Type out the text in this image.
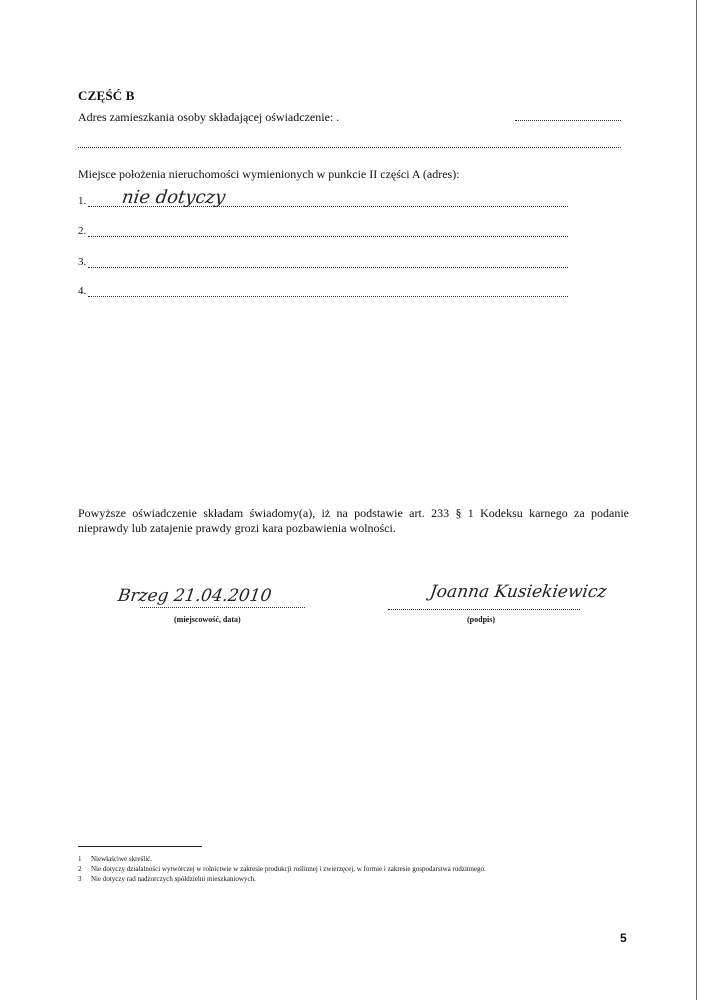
CZĘŚĆ B
Adres zamieszkania osoby składającej oświadczenie: .
Miejsce położenia nieruchomości wymienionych w punkcie II części A (adres):
1. nie dotyczy
2.
3.
4.
Powyższe oświadczenie składam świadomy(a), iż na podstawie art. 233 § 1 Kodeksu karnego za podanie nieprawdy lub zatajenie prawdy grozi kara pozbawienia wolności.
Brzeg 21.04.2010
(miejscowość, data)
Joanna Kusiekiewicz
(podpis)
1 Niewłaściwe skreślić.
2 Nie dotyczy działalności wytwórczej w rolnictwie w zakresie produkcji roślinnej i zwierzęcej, w formie i zakresie gospodarstwa rodzinnego.
3 Nie dotyczy rad nadzorczych spółdzielni mieszkaniowych.
5
